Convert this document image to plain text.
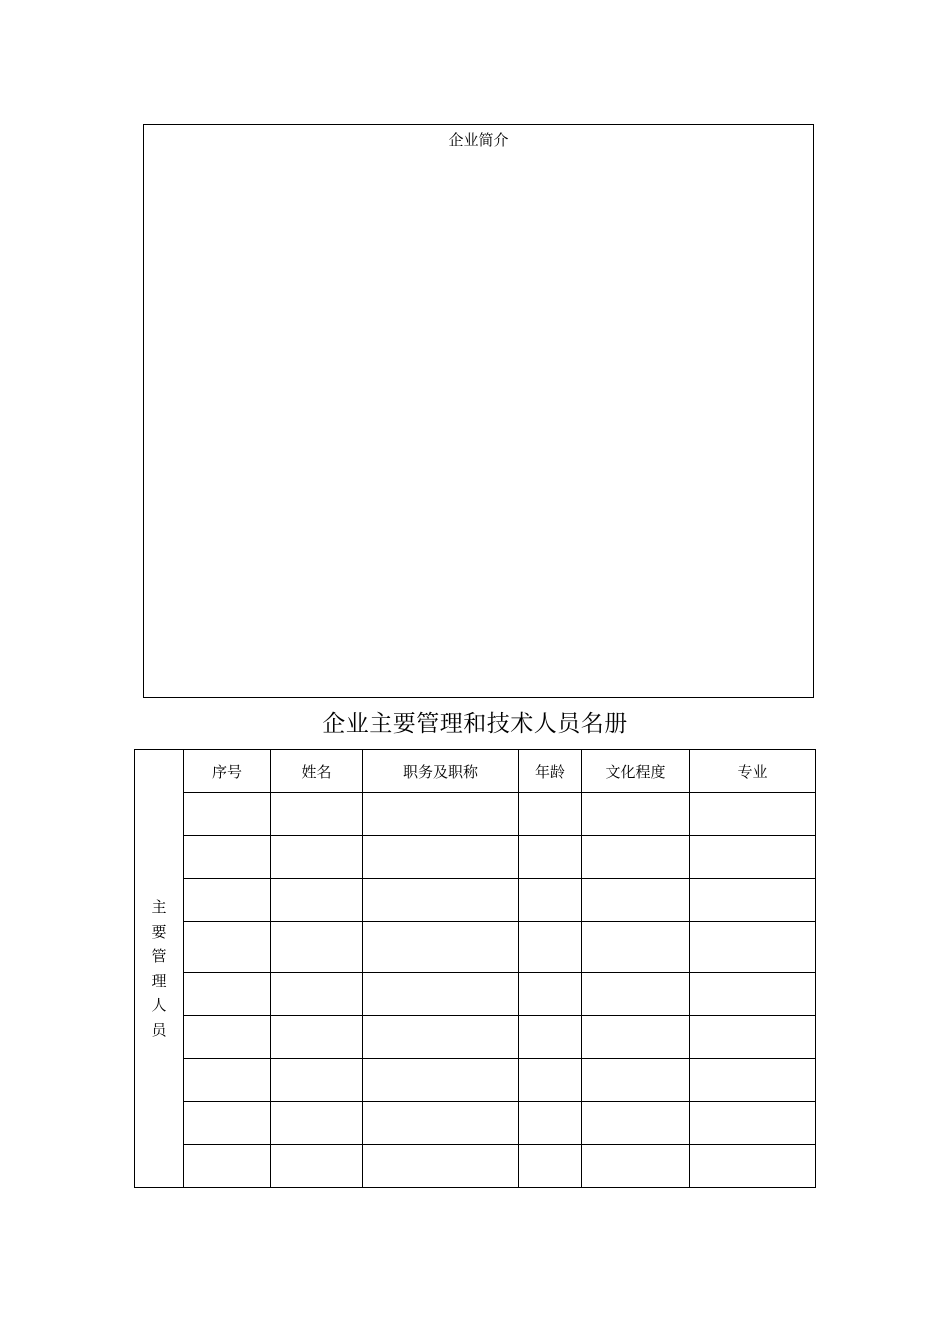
企业简介
企业主要管理和技术人员名册
主要管理人员	序号	姓名	职务及职称	年龄	文化程度	专业
